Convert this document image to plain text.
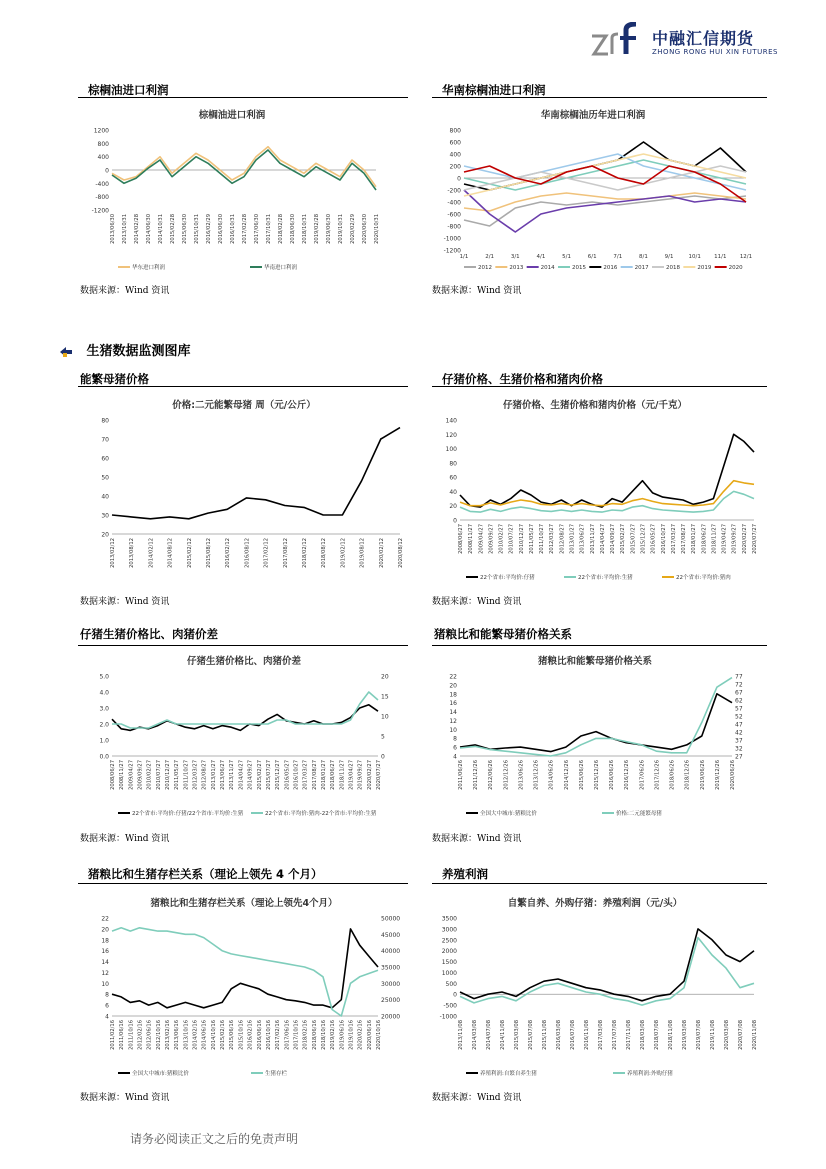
中融汇信期货
ZHONG RONG HUI XIN FUTURES
生猪数据监测图库
棕榈油进口利润
数据来源：Wind 资讯
棕榈油进口利润
1200
800
400
0
-400
-800
-1200
2013/06/30 2013/10/31 2014/02/28 2014/06/30 2014/10/31 2015/02/28 2015/06/30 2015/10/31 2016/02/29 2016/06/30 2016/10/31 2017/02/28 2017/06/30 2017/10/31 2018/02/28 2018/06/30 2018/10/31 2019/02/28 2019/06/30 2019/10/31 2020/02/29 2020/06/30 2020/10/31
华东进口利润	华南进口利润
华南棕榈油进口利润
数据来源：Wind 资讯
华南棕榈油历年进口利润
800
600
400
200
0
-200
-400
-600
-800
-1000
-1200
1/1	2/1	3/1	4/1	5/1	6/1	7/1	8/1	9/1	10/1 11/1 12/1
2012	2013	2014	2015	2016	2017	2018	2019	2020
能繁母猪价格
数据来源：Wind 资讯
价格:二元能繁母猪 周（元/公斤）
80
70
60
50
40
30
20
2013/02/12	2013/08/12	2014/02/12	2014/08/12	2015/02/12	2015/08/12	2016/02/12	2016/08/12	2017/02/12	2017/08/12	2018/02/12	2018/08/12	2019/02/12	2019/08/12	2020/02/12	2020/08/12
仔猪价格、生猪价格和猪肉价格
数据来源：Wind 资讯
仔猪价格、生猪价格和猪肉价格（元/千克）
140
120
100
80
60
40
20
0
2008/06/27 2008/11/27 2009/04/27 2009/09/27 2010/02/27 2010/07/27 2010/12/27 2011/05/27 2011/10/27 2012/03/27 2012/08/27 2013/01/27 2013/06/27 2013/11/27 2014/04/27 2014/09/27 2015/02/27 2015/07/27 2015/12/27 2016/05/27 2016/10/27 2017/03/27 2017/08/27 2018/01/27 2018/06/27 2018/11/27 2019/04/27 2019/09/27 2020/02/27 2020/07/27
22个省市:平均价:仔猪	22个省市:平均价:生猪	22个省市:平均价:猪肉
仔猪生猪价格比、肉猪价差
数据来源：Wind 资讯
仔猪生猪价格比、肉猪价差
5.0
4.0
3.0
2.0
1.0
0.0
20
15
10
5
0
2008/06/27 2008/11/27 2009/04/27 2009/09/27 2010/02/27 2010/07/27 2010/12/27 2011/05/27 2011/10/27 2012/03/27 2012/08/27 2013/01/27 2013/06/27 2013/11/27 2014/04/27 2014/09/27 2015/02/27 2015/07/27 2015/12/27 2016/05/27 2016/10/27 2017/03/27 2017/08/27 2018/01/27 2018/06/27 2018/11/27 2019/04/27 2019/09/27 2020/02/27 2020/07/27
22个省市:平均价:仔猪/22个省市:平均价:生猪	22个省市:平均价:猪肉-22个省市:平均价:生猪
猪粮比和能繁母猪价格关系
数据来源：Wind 资讯
猪粮比和能繁母猪价格关系
22
20
18
16
14
12
10
8
6
4
77
72
67
62
57
52
47
42
37
32
27
2011/06/26 2011/12/26 2012/06/26 2012/12/26 2013/06/26 2013/12/26 2014/06/26 2014/12/26 2015/06/26 2015/12/26 2016/06/26 2016/12/26 2017/06/26 2017/12/26 2018/06/26 2018/12/26 2019/06/26 2019/12/26 2020/06/26
全国大中城市:猪粮比价	价格:二元能繁母猪
猪粮比和生猪存栏关系（理论上领先 4 个月）
数据来源：Wind 资讯
猪粮比和生猪存栏关系（理论上领先4个月）
22
20
18
16
14
12
10
8
6
4
50000
45000
40000
35000
30000
25000
20000
2011/02/16 2011/06/16 2011/10/16 2012/02/16 2012/06/16 2012/10/16 2013/02/16 2013/06/16 2013/10/16 2014/02/16 2014/06/16 2014/10/16 2015/02/16 2015/06/16 2015/10/16 2016/02/16 2016/06/16 2016/10/16 2017/02/16 2017/06/16 2017/10/16 2018/02/16 2018/06/16 2018/10/16 2019/02/16 2019/06/16 2019/10/16 2020/02/16 2020/06/16 2020/10/16
全国大中城市:猪粮比价	生猪存栏
养殖利润
数据来源：Wind 资讯
自繁自养、外购仔猪：养殖利润（元/头）
3500
3000
2500
2000
1500
1000
500
0
-500
-1000
2013/11/08 2014/03/08 2014/07/08 2014/11/08 2015/03/08 2015/07/08 2015/11/08 2016/03/08 2016/07/08 2016/11/08 2017/03/08 2017/07/08 2017/11/08 2018/03/08 2018/07/08 2018/11/08 2019/03/08 2019/07/08 2019/11/08 2020/03/08 2020/07/08 2020/11/08
养殖利润:自繁自养生猪	养殖利润:外购仔猪
请务必阅读正文之后的免责声明
